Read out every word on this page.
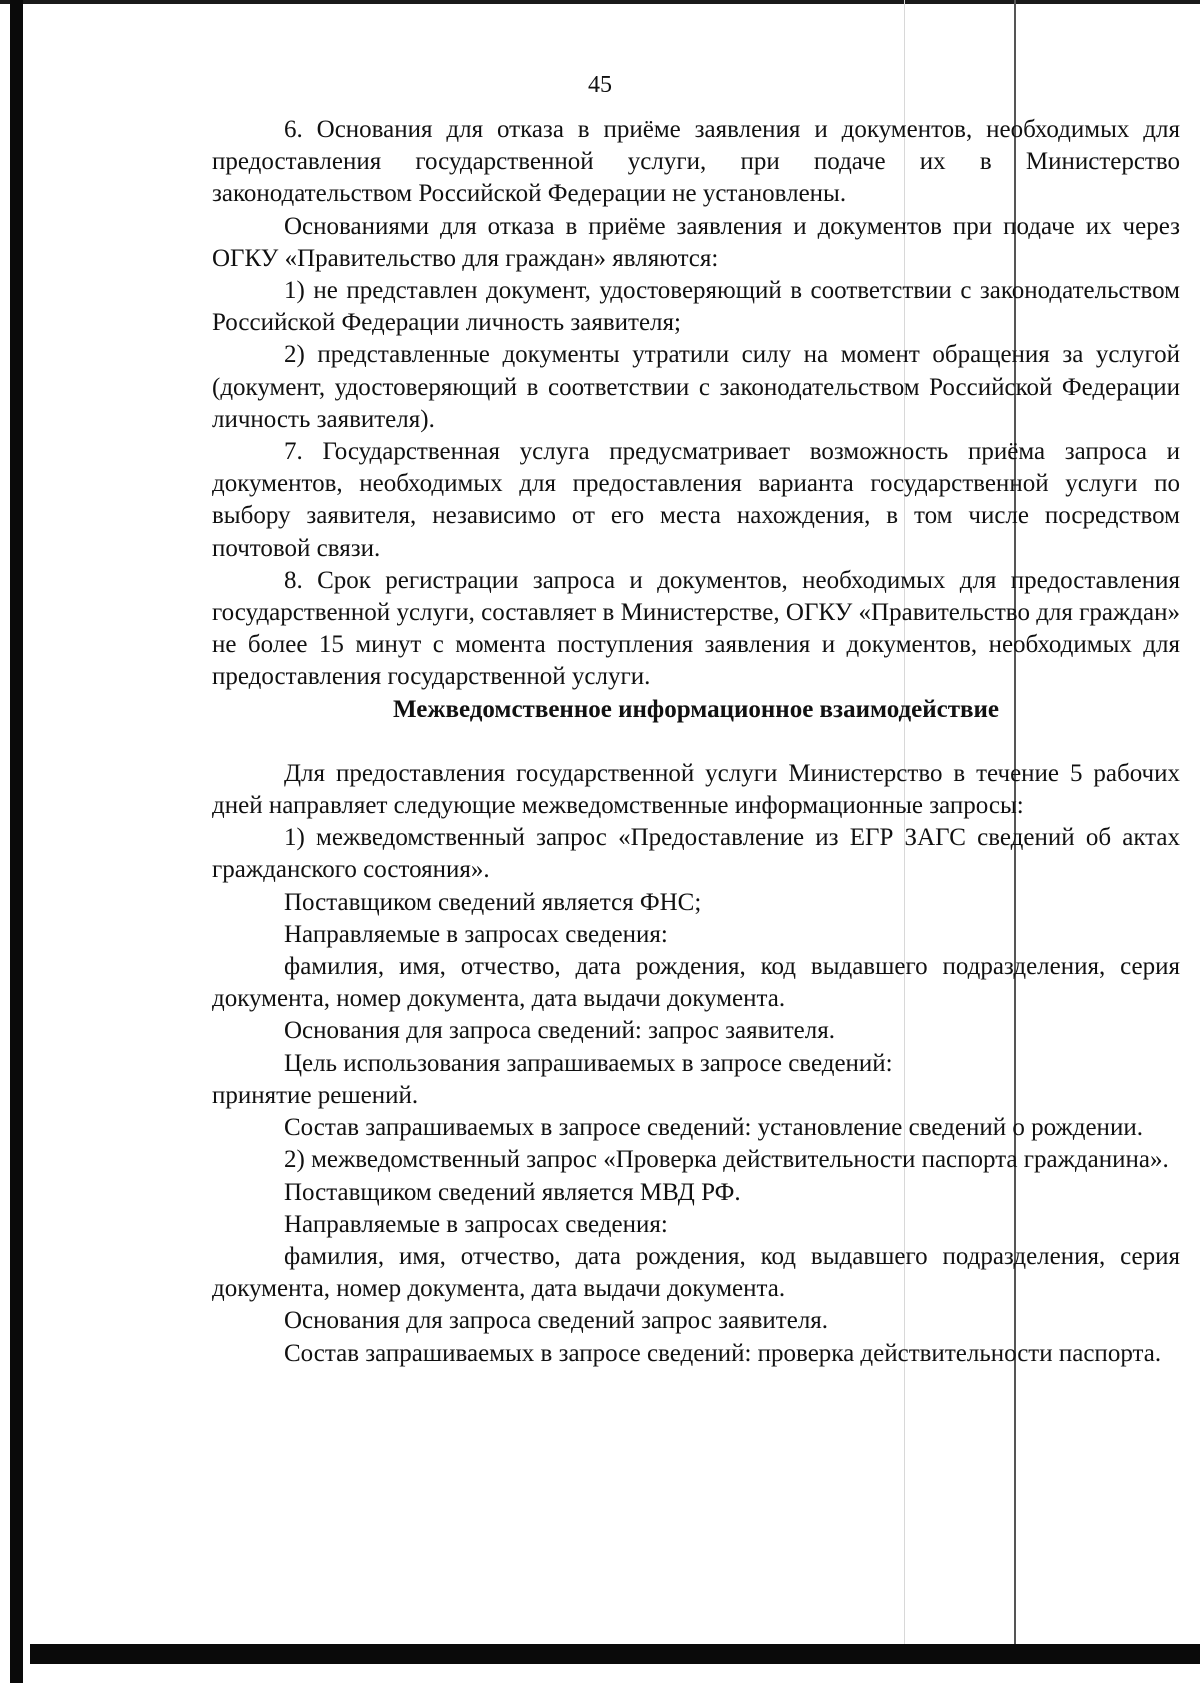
45

6. Основания для отказа в приёме заявления и документов, необходимых для предоставления государственной услуги, при подаче их в Министерство законодательством Российской Федерации не установлены.

Основаниями для отказа в приёме заявления и документов при подаче их через ОГКУ «Правительство для граждан» являются:

1) не представлен документ, удостоверяющий в соответствии с законодательством Российской Федерации личность заявителя;

2) представленные документы утратили силу на момент обращения за услугой (документ, удостоверяющий в соответствии с законодательством Российской Федерации личность заявителя).

7. Государственная услуга предусматривает возможность приёма запроса и документов, необходимых для предоставления варианта государственной услуги по выбору заявителя, независимо от его места нахождения, в том числе посредством почтовой связи.

8. Срок регистрации запроса и документов, необходимых для предоставления государственной услуги, составляет в Министерстве, ОГКУ «Правительство для граждан» не более 15 минут с момента поступления заявления и документов, необходимых для предоставления государственной услуги.

Межведомственное информационное взаимодействие

Для предоставления государственной услуги Министерство в течение 5 рабочих дней направляет следующие межведомственные информационные запросы:

1) межведомственный запрос «Предоставление из ЕГР ЗАГС сведений об актах гражданского состояния».

Поставщиком сведений является ФНС;

Направляемые в запросах сведения:

фамилия, имя, отчество, дата рождения, код выдавшего подразделения, серия документа, номер документа, дата выдачи документа.

Основания для запроса сведений: запрос заявителя.

Цель использования запрашиваемых в запросе сведений:

принятие решений.

Состав запрашиваемых в запросе сведений: установление сведений о рождении.

2) межведомственный запрос «Проверка действительности паспорта гражданина».

Поставщиком сведений является МВД РФ.

Направляемые в запросах сведения:

фамилия, имя, отчество, дата рождения, код выдавшего подразделения, серия документа, номер документа, дата выдачи документа.

Основания для запроса сведений запрос заявителя.

Состав запрашиваемых в запросе сведений: проверка действительности паспорта.
